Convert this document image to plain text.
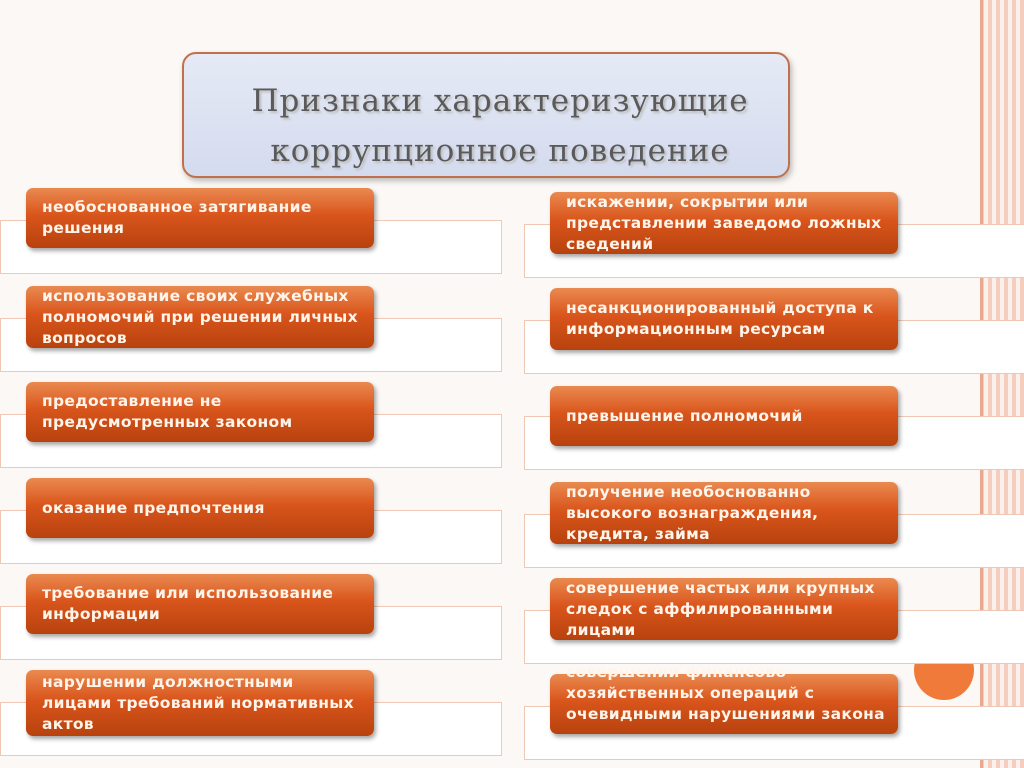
Признаки характеризующие
коррупционное поведение
необоснованное затягивание решения
использование своих служебных полномочий при решении личных вопросов
предоставление не предусмотренных законом
оказание предпочтения
требование или использование информации
нарушении должностными лицами требований нормативных актов
искажении, сокрытии или представлении заведомо ложных сведений
несанкционированный доступа к информационным ресурсам
превышение полномочий
получение необоснованно высокого вознаграждения, кредита, займа
совершение частых или крупных следок с аффилированными лицами
совершении финансово-хозяйственных операций с очевидными нарушениями закона
